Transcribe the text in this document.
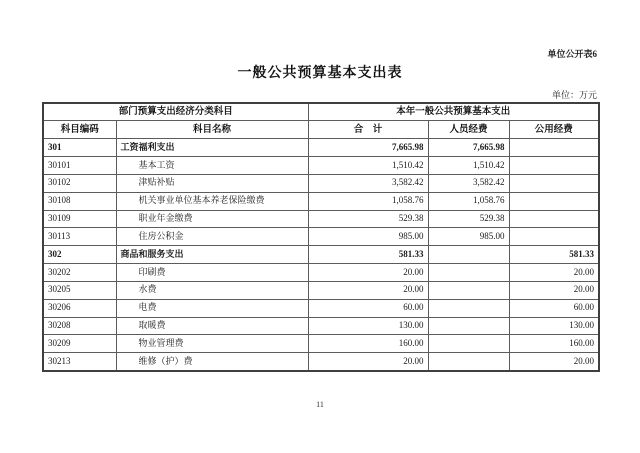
单位公开表6
一般公共预算基本支出表
单位：万元
部门预算支出经济分类科目		本年一般公共预算基本支出		
科目编码	科目名称	合　计	人员经费	公用经费
301	工资福利支出	7,665.98	7,665.98	
30101	基本工资	1,510.42	1,510.42	
30102	津贴补贴	3,582.42	3,582.42	
30108	机关事业单位基本养老保险缴费	1,058.76	1,058.76	
30109	职业年金缴费	529.38	529.38	
30113	住房公积金	985.00	985.00	
302	商品和服务支出	581.33		581.33
30202	印刷费	20.00		20.00
30205	水费	20.00		20.00
30206	电费	60.00		60.00
30208	取暖费	130.00		130.00
30209	物业管理费	160.00		160.00
30213	维修（护）费	20.00		20.00
11
